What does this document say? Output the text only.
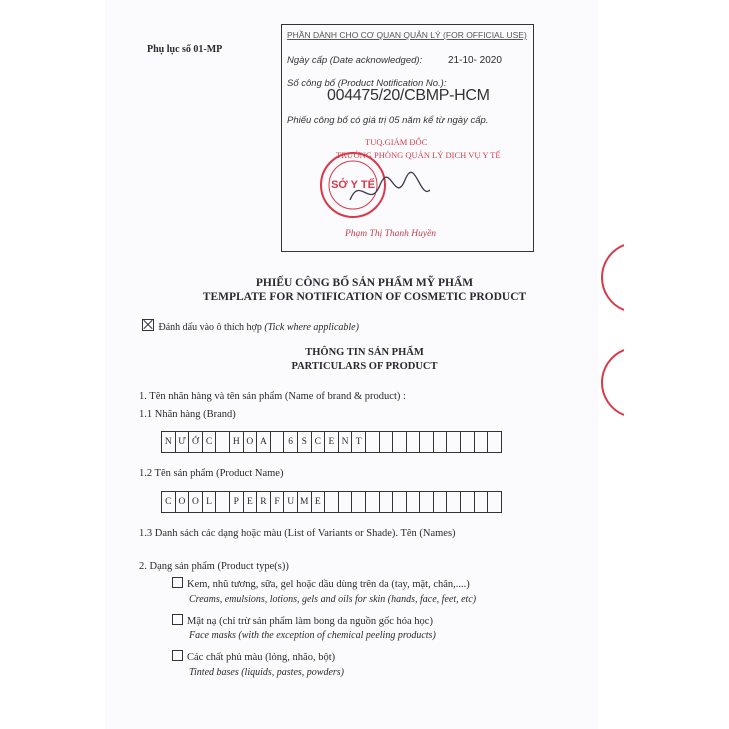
Phụ lục số 01-MP
PHẦN DÀNH CHO CƠ QUAN QUẢN LÝ (FOR OFFICIAL USE)
Ngày cấp (Date acknowledged):	21-10- 2020
Số công bố (Product Notification No.):
004475/20/CBMP-HCM
Phiếu công bố có giá trị 05 năm kể từ ngày cấp.
TUQ.GIÁM ĐỐC
TRƯỞNG PHÒNG QUẢN LÝ DỊCH VỤ Y TẾ
SỞ Y TẾ
Phạm Thị Thanh Huyền
PHIẾU CÔNG BỐ SẢN PHẨM MỸ PHẨM
TEMPLATE FOR NOTIFICATION OF COSMETIC PRODUCT
Đánh dấu vào ô thích hợp (Tick where applicable)
THÔNG TIN SẢN PHẨM
PARTICULARS OF PRODUCT
1. Tên nhãn hàng và tên sản phẩm (Name of brand & product) :
1.1 Nhãn hàng (Brand)
N Ư Ớ C	H O A	6 S C E N T
1.2 Tên sản phẩm (Product Name)
C O O L	P E R F U M E
1.3 Danh sách các dạng hoặc màu (List of Variants or Shade). Tên (Names)
2. Dạng sản phẩm (Product type(s))
Kem, nhũ tương, sữa, gel hoặc dầu dùng trên da (tay, mặt, chân,....)
Creams, emulsions, lotions, gels and oils for skin (hands, face, feet, etc)
Mặt nạ (chỉ trừ sản phẩm làm bong da nguồn gốc hóa học)
Face masks (with the exception of chemical peeling products)
Các chất phủ màu (lỏng, nhão, bột)
Tinted bases (liquids, pastes, powders)
